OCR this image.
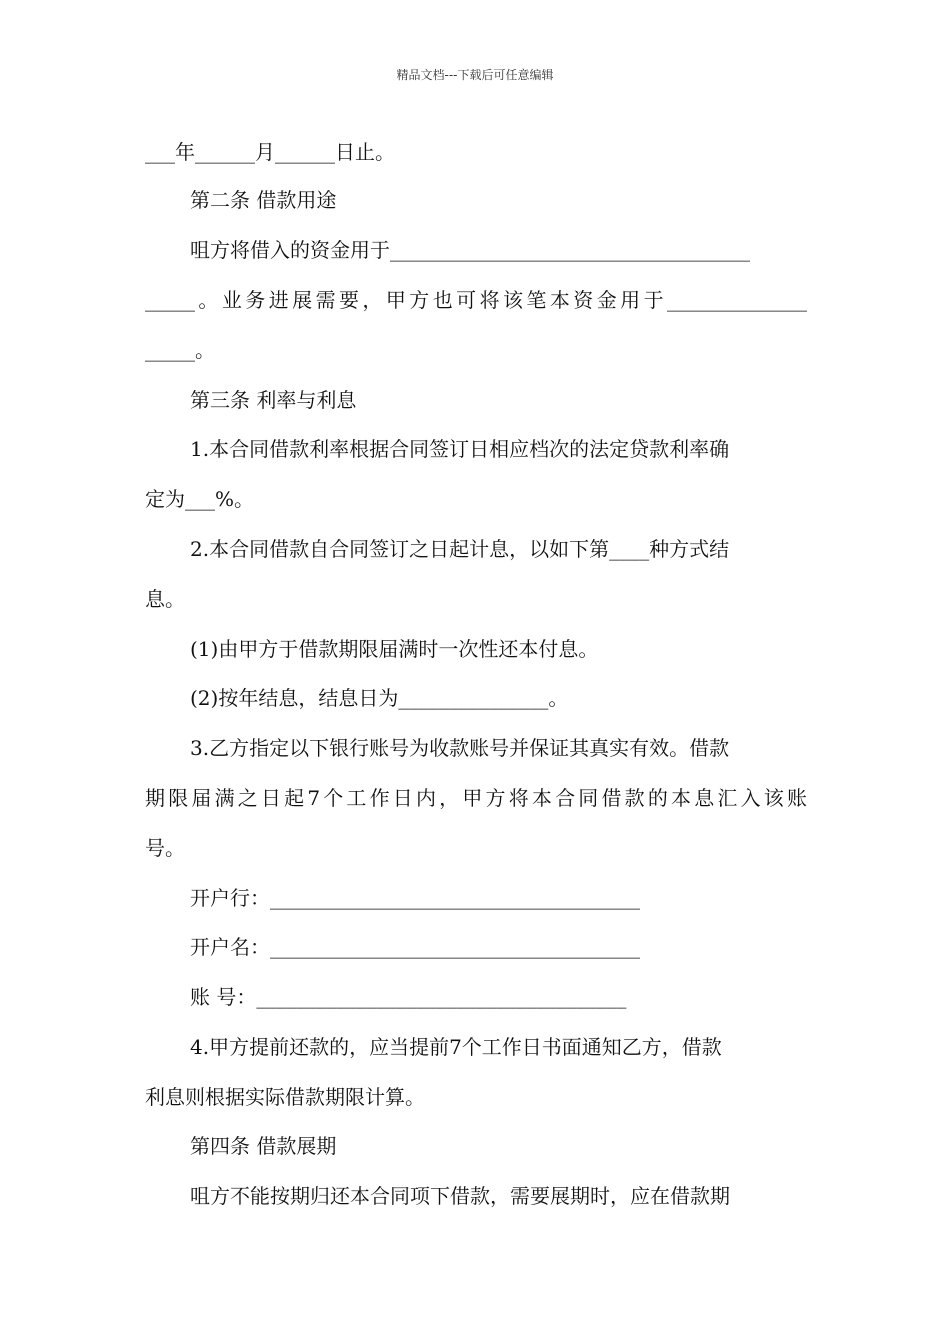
精品文档---下载后可任意编辑
___年______月______日止。
第二条 借款用途
咀方将借入的资金用于____________________________________
_____。业务进展需要，甲方也可将该笔本资金用于______________
_____。
第三条 利率与利息
1.本合同借款利率根据合同签订日相应档次的法定贷款利率确
定为___%。
2.本合同借款自合同签订之日起计息，以如下第____种方式结
息。
(1)由甲方于借款期限届满时一次性还本付息。
(2)按年结息，结息日为_______________。
3.乙方指定以下银行账号为收款账号并保证其真实有效。借款
期限届满之日起7个工作日内，甲方将本合同借款的本息汇入该账
号。
开户行：_____________________________________
开户名：_____________________________________
账 号：_____________________________________
4.甲方提前还款的，应当提前7个工作日书面通知乙方，借款
利息则根据实际借款期限计算。
第四条 借款展期
咀方不能按期归还本合同项下借款，需要展期时，应在借款期
